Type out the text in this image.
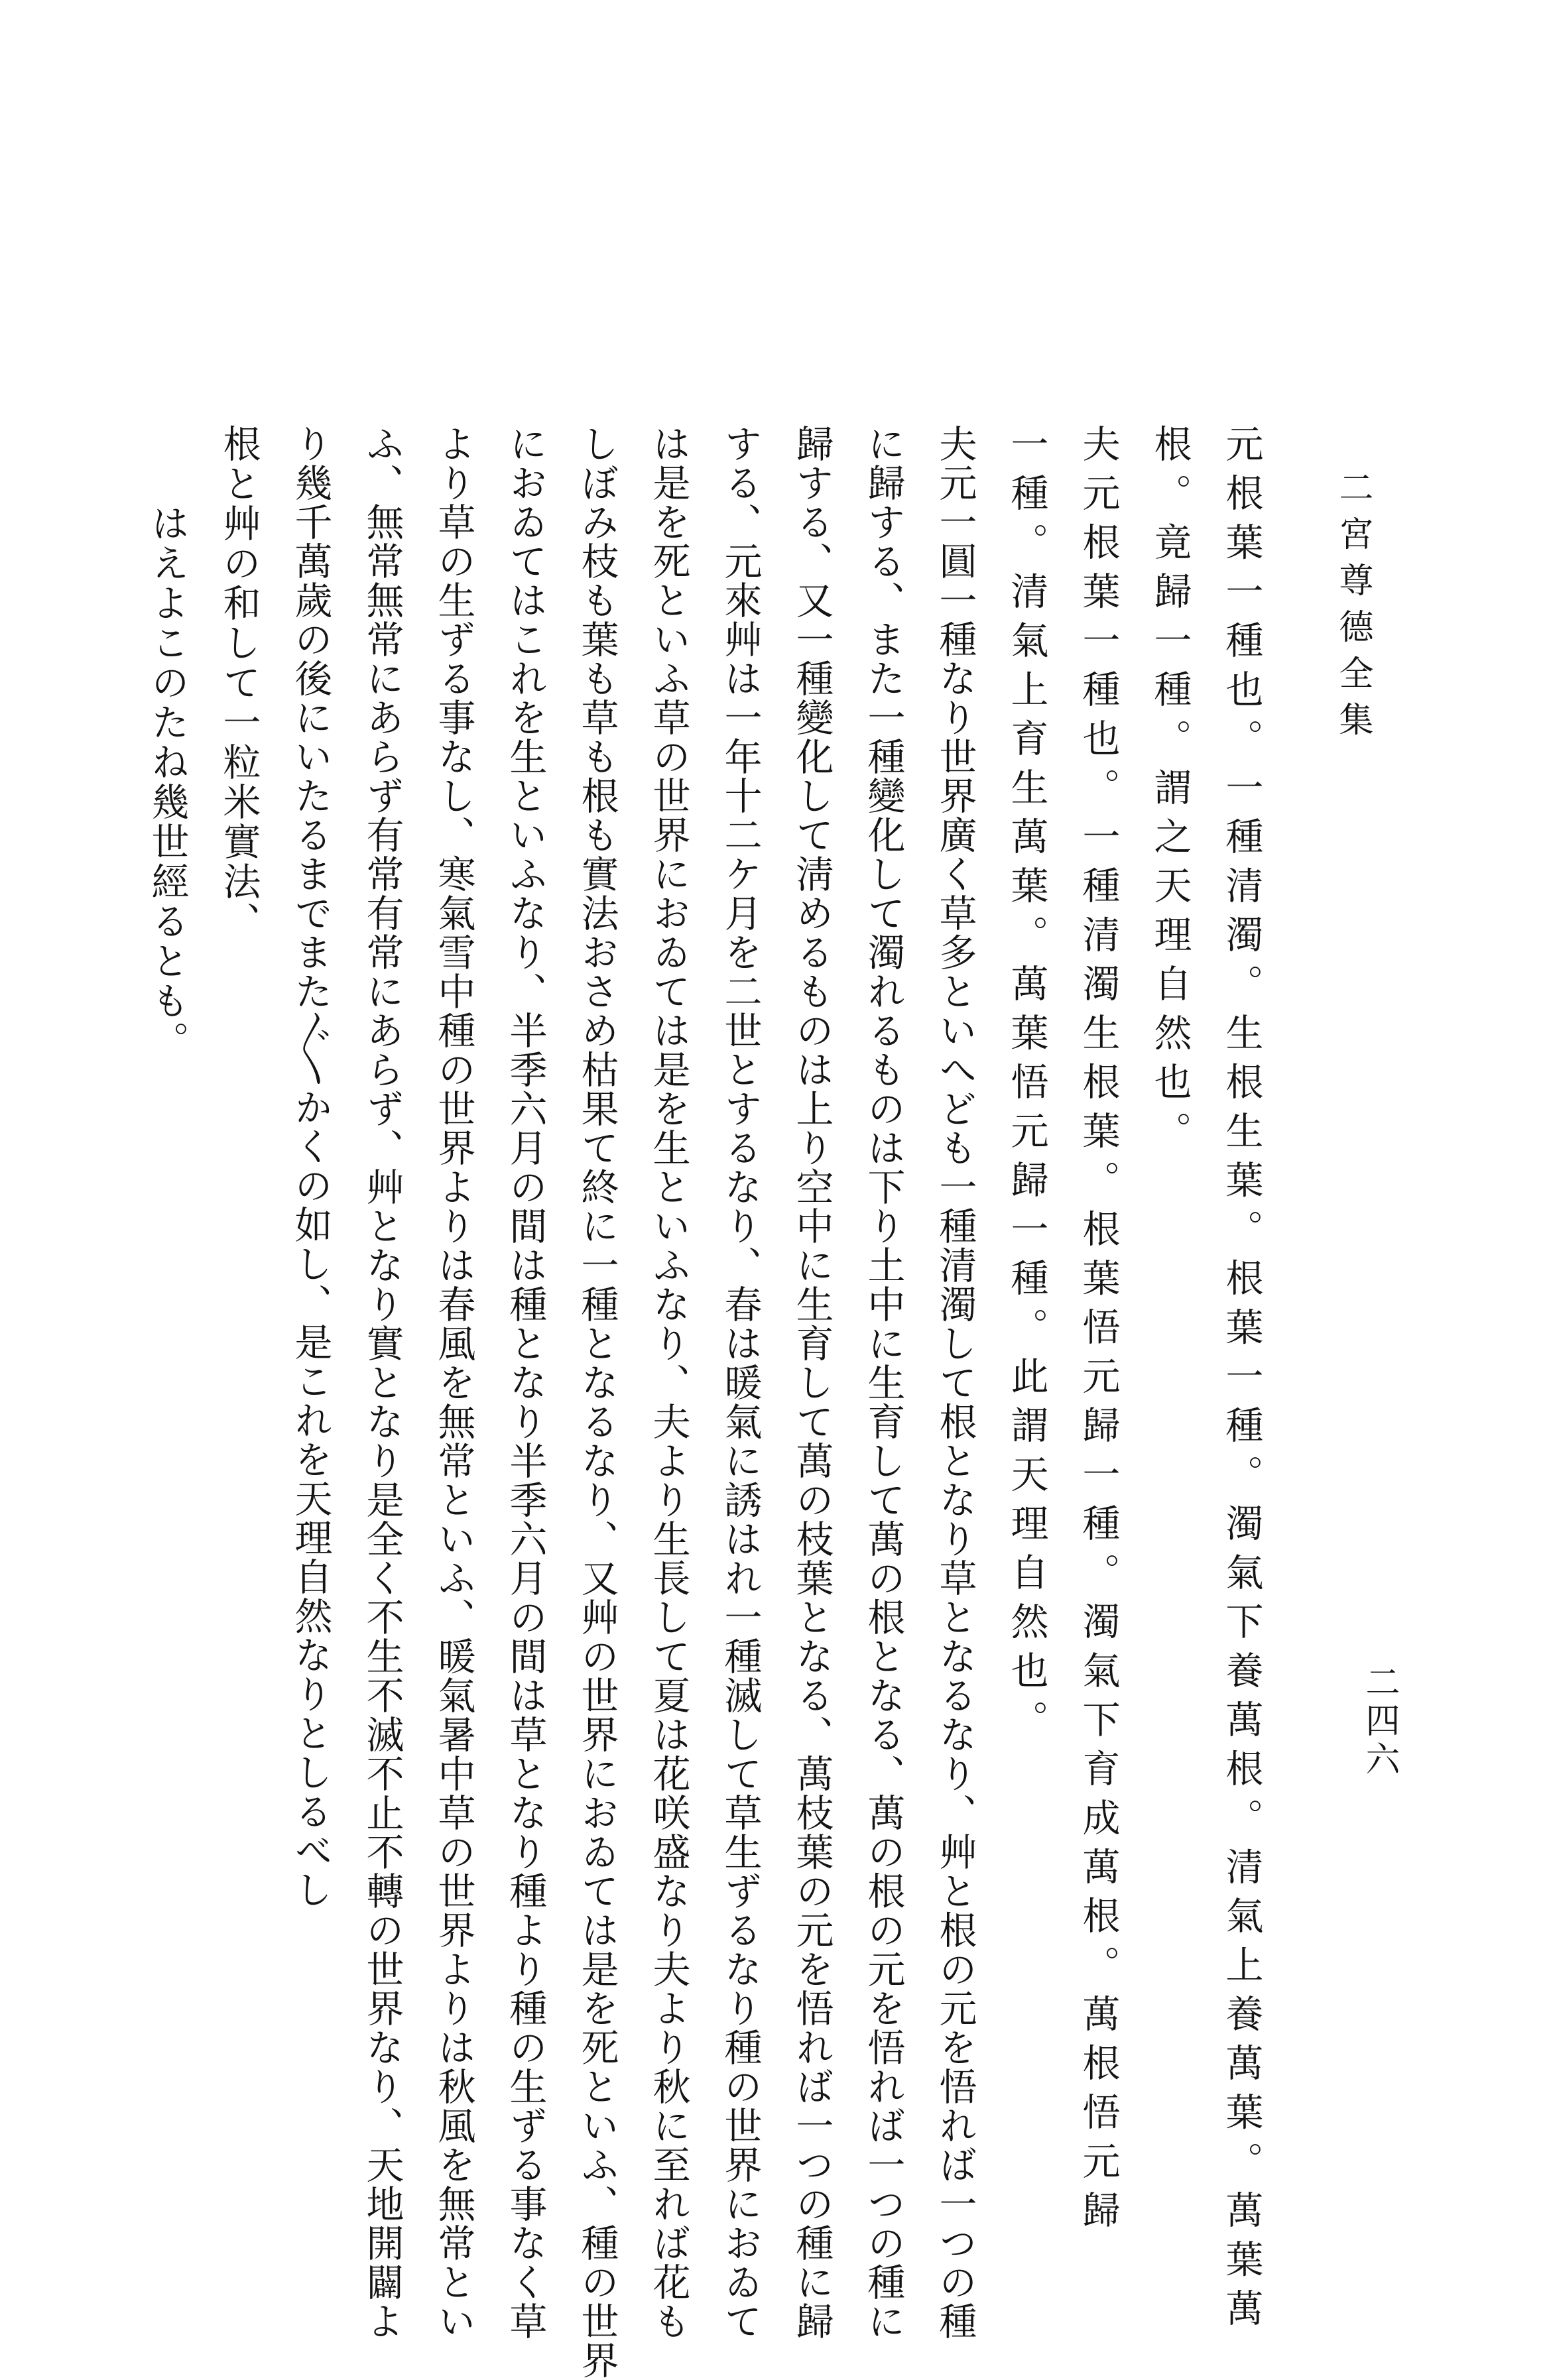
二宮尊德全集
二四六
元根葉一種也。一種清濁。生根生葉。根葉一種。濁氣下養萬根。清氣上養萬葉。萬葉萬
根。竟歸一種。謂之天理自然也。
夫元根葉一種也。一種清濁生根葉。根葉悟元歸一種。濁氣下育成萬根。萬根悟元歸
一種。清氣上育生萬葉。萬葉悟元歸一種。此謂天理自然也。
夫元一圓一種なり世界廣く草多といへども一種清濁して根となり草となるなり、艸と根の元を悟れば一つの種
に歸する、また一種變化して濁れるものは下り土中に生育して萬の根となる、萬の根の元を悟れば一つの種に
歸する、又一種變化して淸めるものは上り空中に生育して萬の枝葉となる、萬枝葉の元を悟れば一つの種に歸
する、元來艸は一年十二ケ月を二世とするなり、春は暖氣に誘はれ一種滅して草生ずるなり種の世界におゐて
は是を死といふ草の世界におゐては是を生といふなり、夫より生長して夏は花咲盛なり夫より秋に至れば花も
しぼみ枝も葉も草も根も實法おさめ枯果て終に一種となるなり、又艸の世界におゐては是を死といふ、種の世界
におゐてはこれを生といふなり、半季六月の間は種となり半季六月の間は草となり種より種の生ずる事なく草
より草の生ずる事なし、寒氣雪中種の世界よりは春風を無常といふ、暖氣暑中草の世界よりは秋風を無常とい
ふ、無常無常にあらず有常有常にあらず、艸となり實となり是全く不生不滅不止不轉の世界なり、天地開闢よ
り幾千萬歲の後にいたるまでまた〲かくの如し、是これを天理自然なりとしるべし
根と艸の和して一粒米實法、
はえよこのたね幾世經るとも。
